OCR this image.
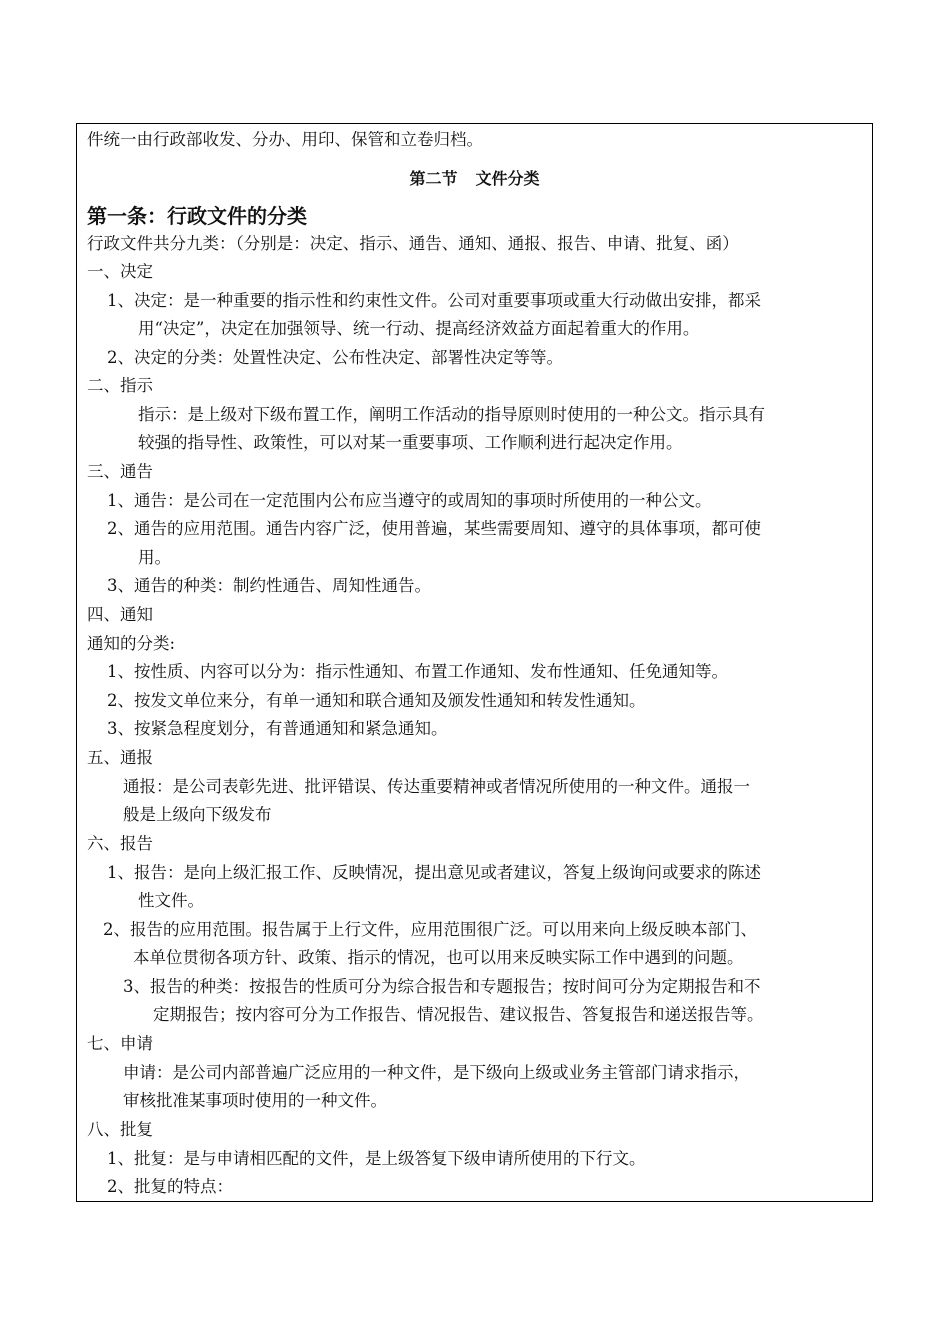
件统一由行政部收发、分办、用印、保管和立卷归档。
第二节 文件分类
第一条：行政文件的分类
行政文件共分九类：（分别是：决定、指示、通告、通知、通报、报告、申请、批复、函）
一、决定
1、决定：是一种重要的指示性和约束性文件。公司对重要事项或重大行动做出安排，都采
用“决定”，决定在加强领导、统一行动、提高经济效益方面起着重大的作用。
2、决定的分类：处置性决定、公布性决定、部署性决定等等。
二、指示
指示：是上级对下级布置工作，阐明工作活动的指导原则时使用的一种公文。指示具有
较强的指导性、政策性，可以对某一重要事项、工作顺利进行起决定作用。
三、通告
1、通告：是公司在一定范围内公布应当遵守的或周知的事项时所使用的一种公文。
2、通告的应用范围。通告内容广泛，使用普遍，某些需要周知、遵守的具体事项，都可使
用。
3、通告的种类：制约性通告、周知性通告。
四、通知
通知的分类:
1、按性质、内容可以分为：指示性通知、布置工作通知、发布性通知、任免通知等。
2、按发文单位来分，有单一通知和联合通知及颁发性通知和转发性通知。
3、按紧急程度划分，有普通通知和紧急通知。
五、通报
通报：是公司表彰先进、批评错误、传达重要精神或者情况所使用的一种文件。通报一
般是上级向下级发布
六、报告
1、报告：是向上级汇报工作、反映情况，提出意见或者建议，答复上级询问或要求的陈述
性文件。
2、报告的应用范围。报告属于上行文件，应用范围很广泛。可以用来向上级反映本部门、
本单位贯彻各项方针、政策、指示的情况，也可以用来反映实际工作中遇到的问题。
3、报告的种类：按报告的性质可分为综合报告和专题报告；按时间可分为定期报告和不
定期报告；按内容可分为工作报告、情况报告、建议报告、答复报告和递送报告等。
七、申请
申请：是公司内部普遍广泛应用的一种文件，是下级向上级或业务主管部门请求指示，
审核批准某事项时使用的一种文件。
八、批复
1、批复：是与申请相匹配的文件，是上级答复下级申请所使用的下行文。
2、批复的特点：
